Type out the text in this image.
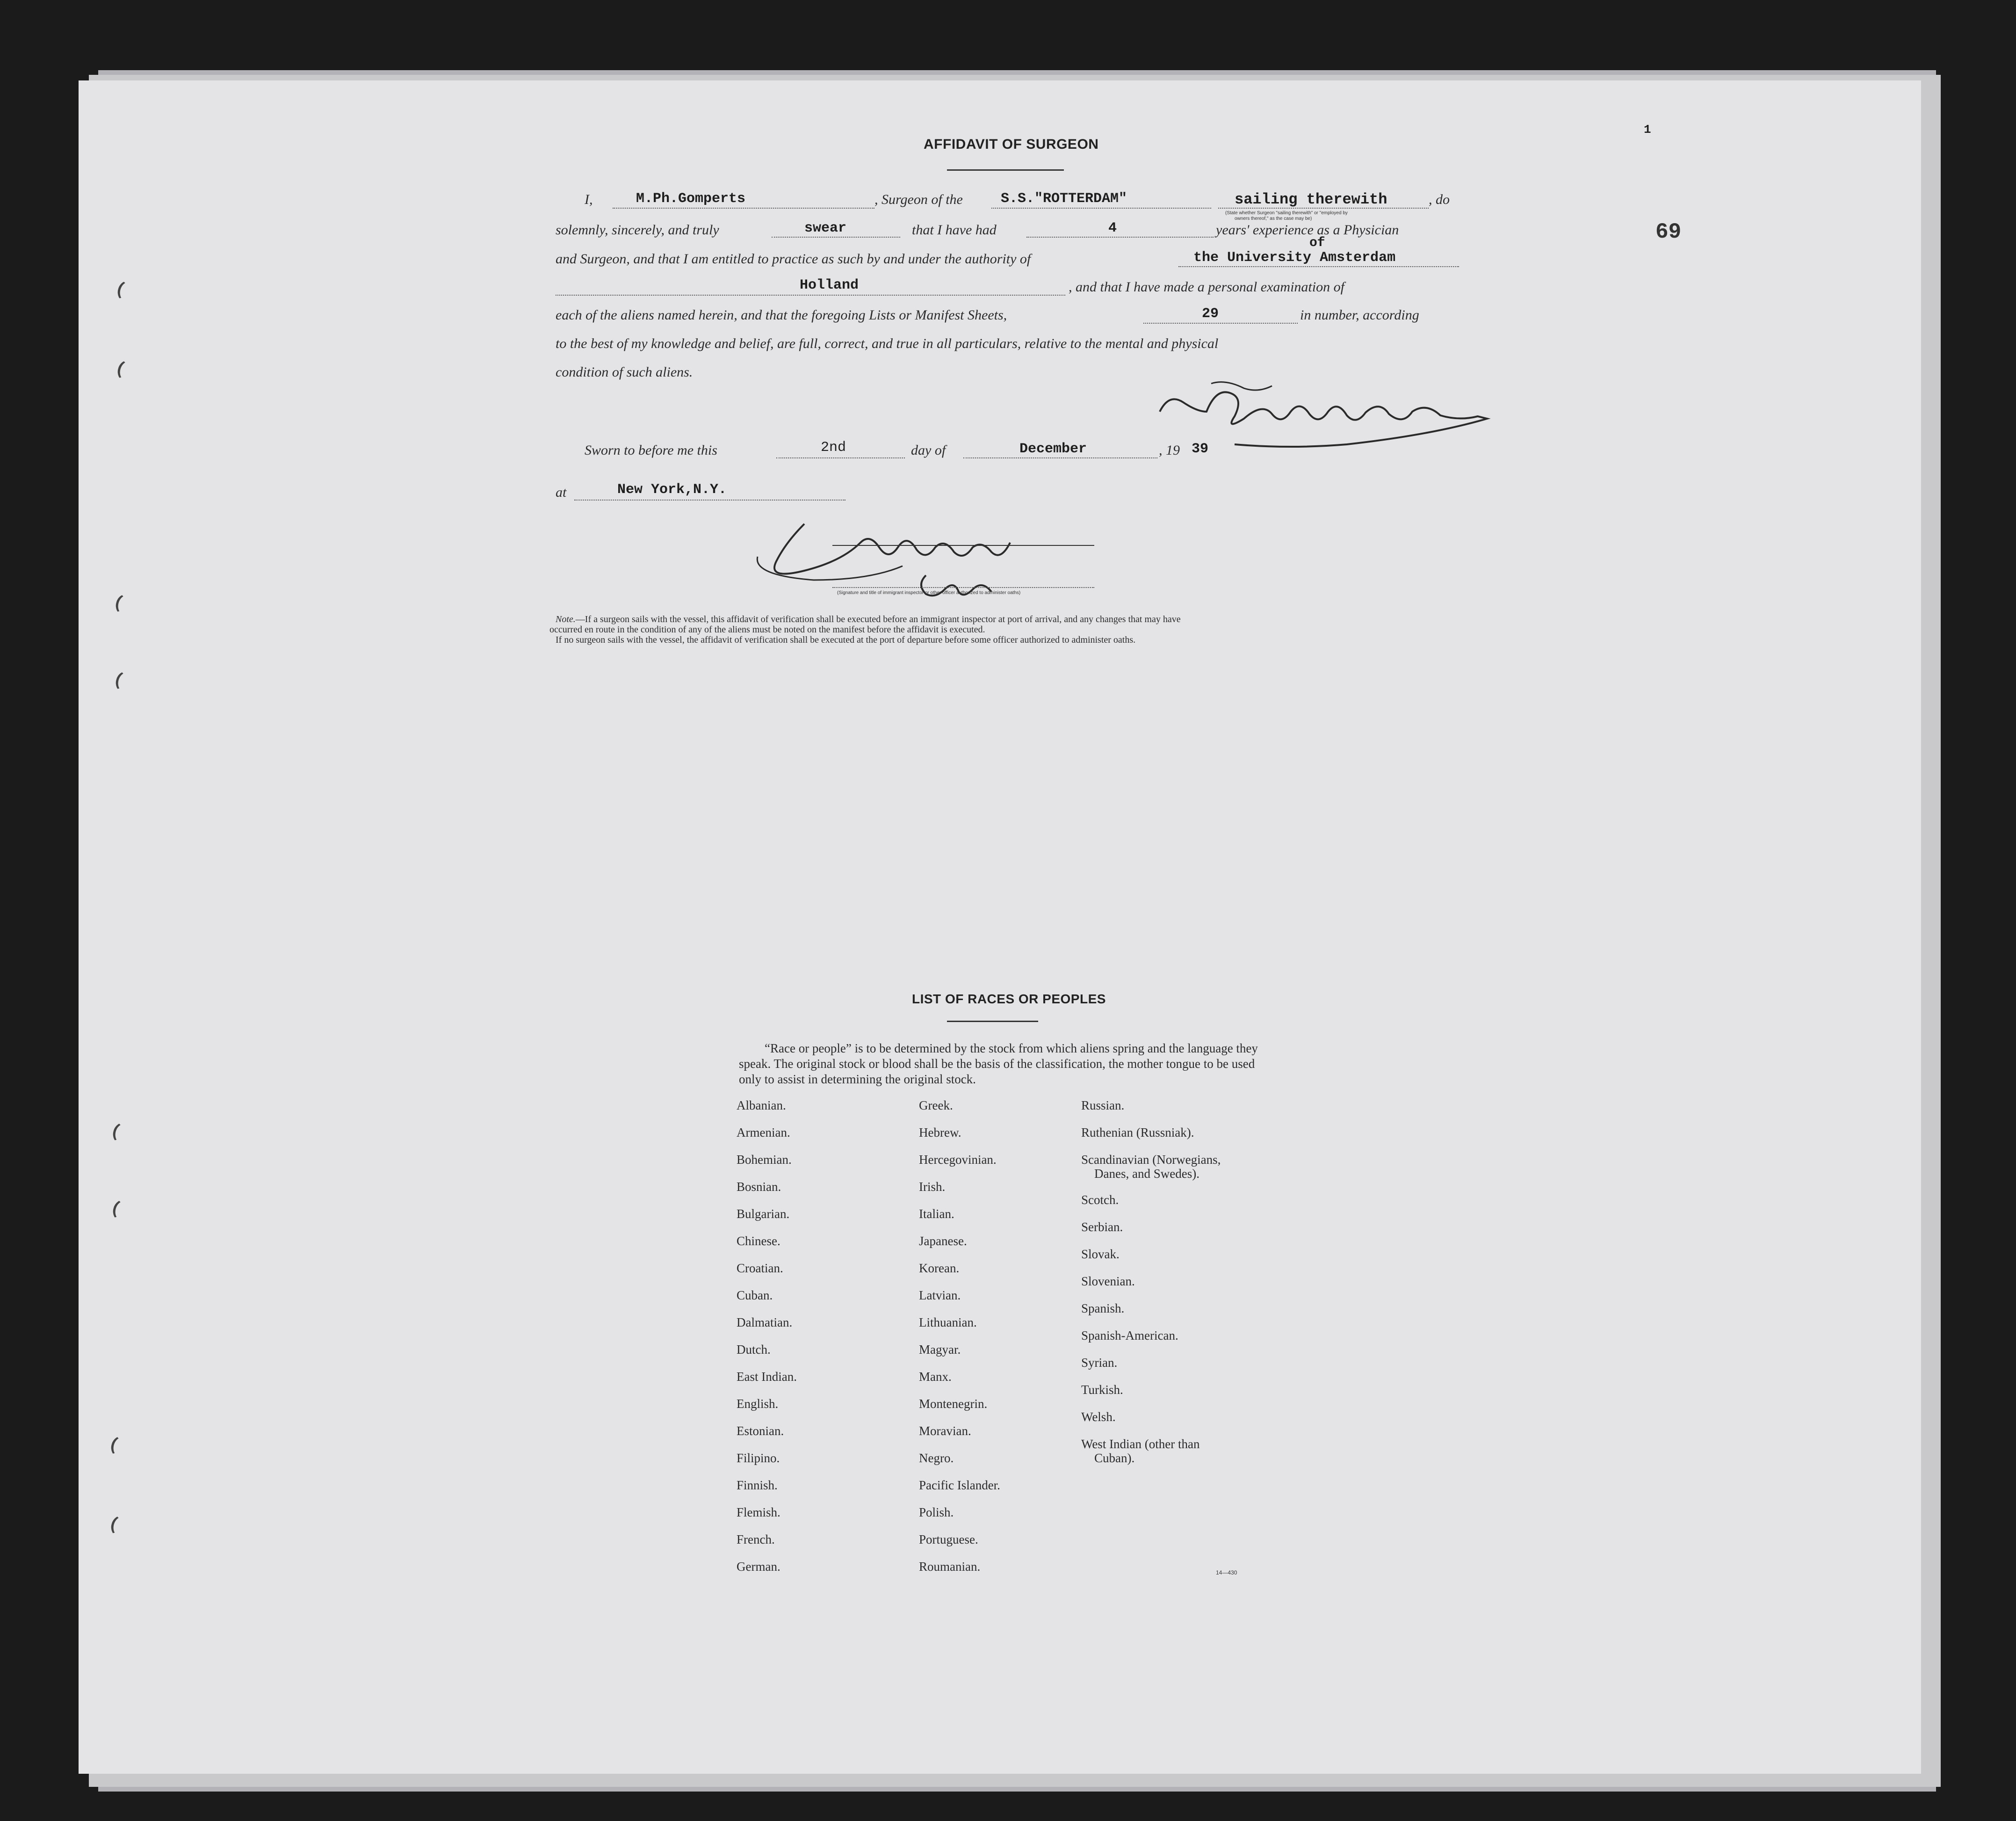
69
1
AFFIDAVIT OF SURGEON
I,	M.Ph.Gomperts	, Surgeon of the	S.S."ROTTERDAM"	sailing therewith	, do
(State whether Surgeon "sailing therewith" or "employed by
owners thereof," as the case may be)
solemnly, sincerely, and truly	swear	that I have had	4	years' experience as a Physician
and Surgeon, and that I am entitled to practice as such by and under the authority of
of
the University Amsterdam
Holland	, and that I have made a personal examination of
each of the aliens named herein, and that the foregoing Lists or Manifest Sheets,	29	in number, according
to the best of my knowledge and belief, are full, correct, and true in all particulars, relative to the mental and physical
condition of such aliens.
Sworn to before me this	2nd	day of	December	, 19 39
at	New York,N.Y.
(Signature and title of immigrant inspector or other officer authorized to administer oaths)
Note.—If a surgeon sails with the vessel, this affidavit of verification shall be executed before an immigrant inspector at port of arrival, and any changes that may have
occurred en route in the condition of any of the aliens must be noted on the manifest before the affidavit is executed.
If no surgeon sails with the vessel, the affidavit of verification shall be executed at the port of departure before some officer authorized to administer oaths.
LIST OF RACES OR PEOPLES
“Race or people” is to be determined by the stock from which aliens spring and the language they speak. The original stock or blood shall be the basis of the classification, the mother tongue to be used only to assist in determining the original stock.
Albanian.
Armenian.
Bohemian.
Bosnian.
Bulgarian.
Chinese.
Croatian.
Cuban.
Dalmatian.
Dutch.
East Indian.
English.
Estonian.
Filipino.
Finnish.
Flemish.
French.
German.
Greek.
Hebrew.
Hercegovinian.
Irish.
Italian.
Japanese.
Korean.
Latvian.
Lithuanian.
Magyar.
Manx.
Montenegrin.
Moravian.
Negro.
Pacific Islander.
Polish.
Portuguese.
Roumanian.
Russian.
Ruthenian (Russniak).
Scandinavian (Norwegians,
Danes, and Swedes).
Scotch.
Serbian.
Slovak.
Slovenian.
Spanish.
Spanish-American.
Syrian.
Turkish.
Welsh.
West Indian (other than
Cuban).
14—430
